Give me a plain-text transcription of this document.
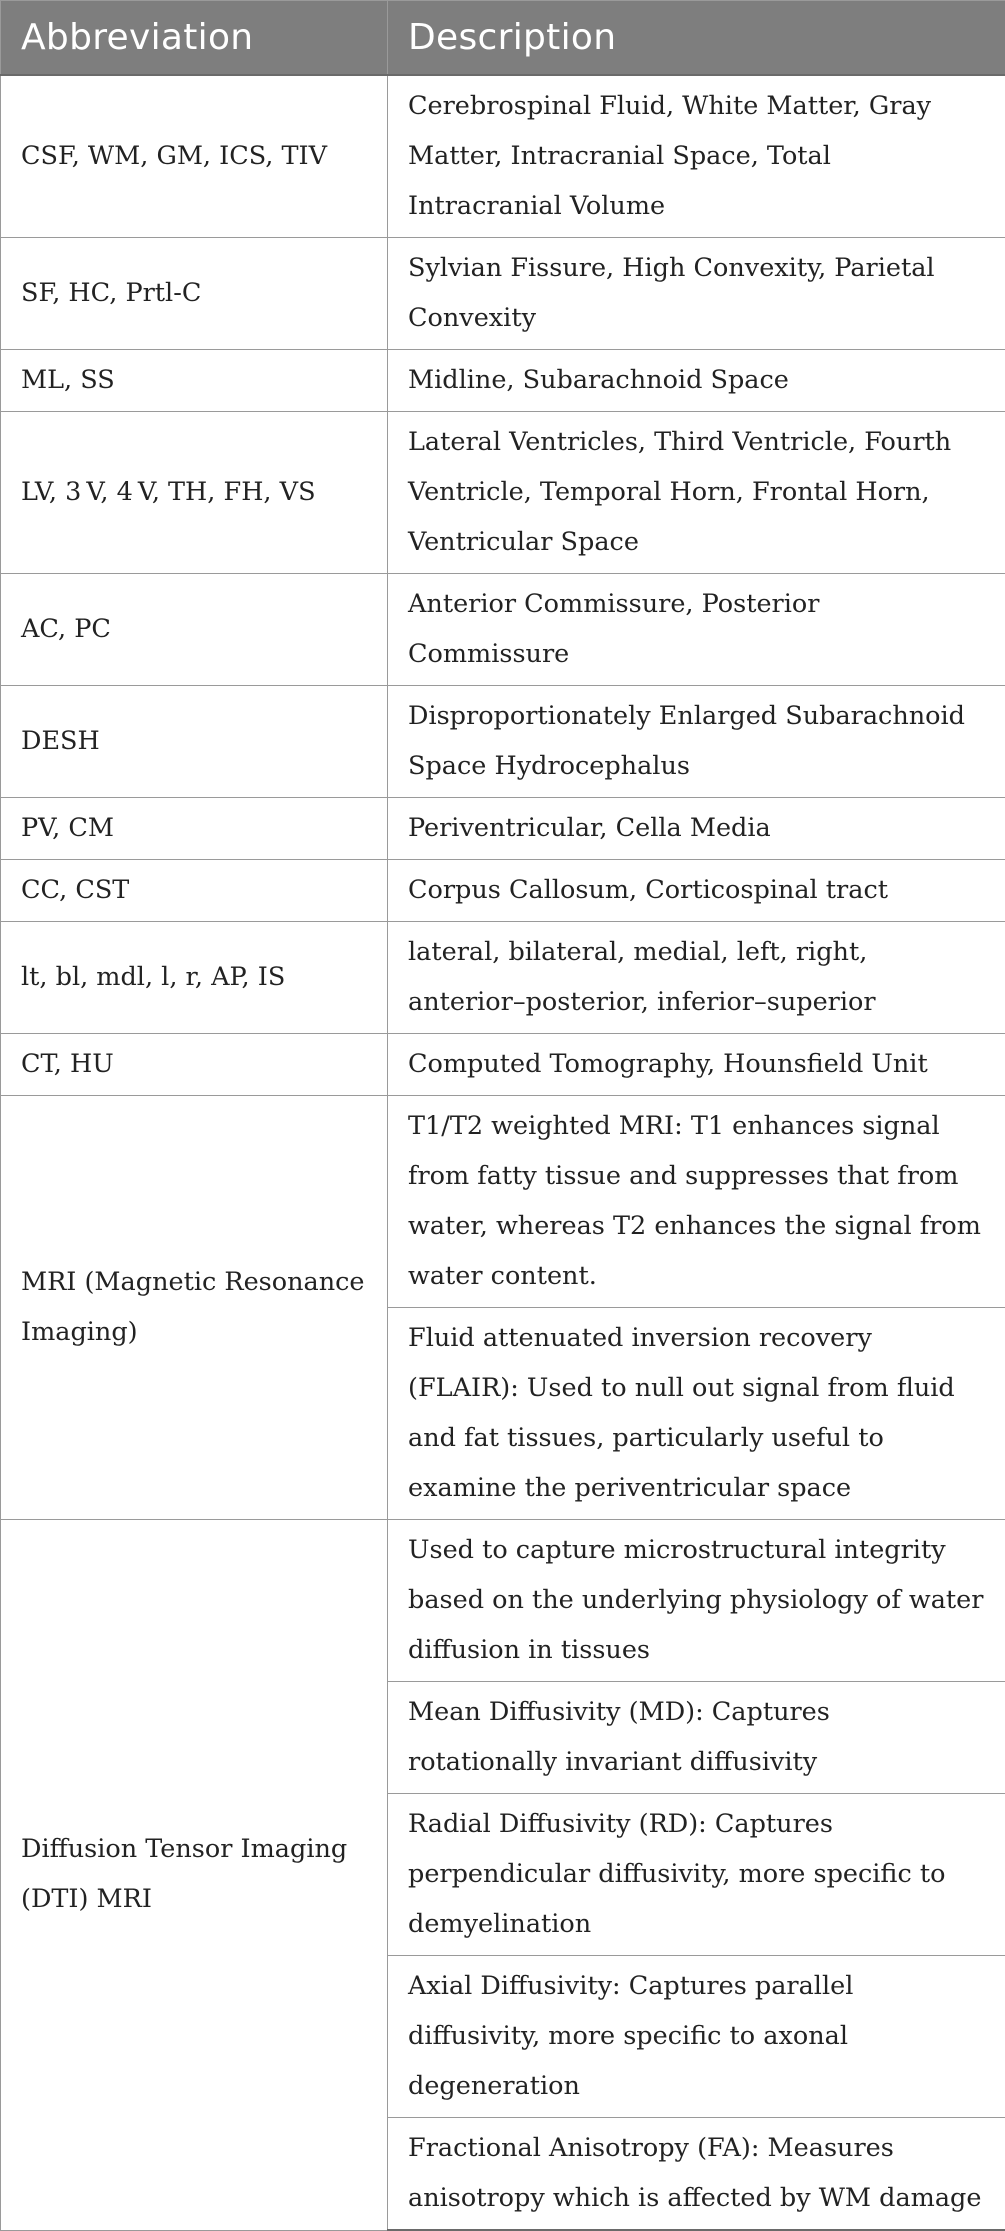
Abbreviation	Description
CSF, WM, GM, ICS, TIV	Cerebrospinal Fluid, White Matter, Gray Matter, Intracranial Space, Total Intracranial Volume
SF, HC, Prtl-C	Sylvian Fissure, High Convexity, Parietal Convexity
ML, SS	Midline, Subarachnoid Space
LV, 3 V, 4 V, TH, FH, VS	Lateral Ventricles, Third Ventricle, Fourth Ventricle, Temporal Horn, Frontal Horn, Ventricular Space
AC, PC	Anterior Commissure, Posterior Commissure
DESH	Disproportionately Enlarged Subarachnoid Space Hydrocephalus
PV, CM	Periventricular, Cella Media
CC, CST	Corpus Callosum, Corticospinal tract
lt, bl, mdl, l, r, AP, IS	lateral, bilateral, medial, left, right, anterior–posterior, inferior–superior
CT, HU	Computed Tomography, Hounsfield Unit
MRI (Magnetic Resonance Imaging)	T1/T2 weighted MRI: T1 enhances signal from fatty tissue and suppresses that from water, whereas T2 enhances the signal from water content.
	Fluid attenuated inversion recovery (FLAIR): Used to null out signal from fluid and fat tissues, particularly useful to examine the periventricular space
Diffusion Tensor Imaging (DTI) MRI	Used to capture microstructural integrity based on the underlying physiology of water diffusion in tissues
	Mean Diffusivity (MD): Captures rotationally invariant diffusivity
	Radial Diffusivity (RD): Captures perpendicular diffusivity, more specific to demyelination
	Axial Diffusivity: Captures parallel diffusivity, more specific to axonal degeneration
	Fractional Anisotropy (FA): Measures anisotropy which is affected by WM damage
